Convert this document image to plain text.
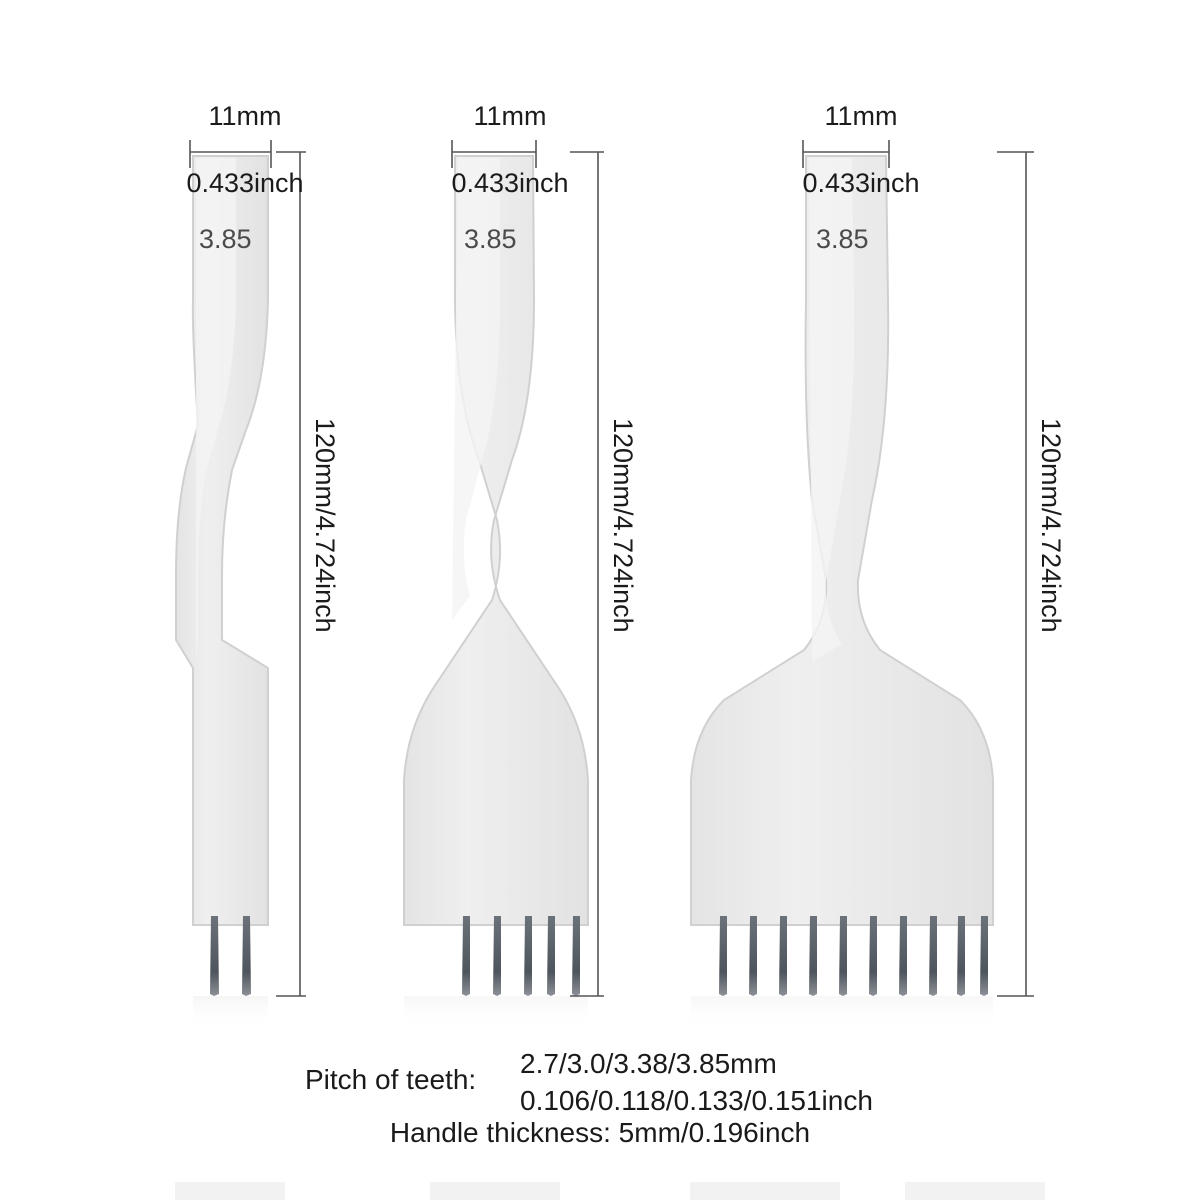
11mm

0.433inch

3.85
120mm/4.724inch

11mm

0.433inch

3.85
120mm/4.724inch

11mm

0.433inch

3.85
120mm/4.724inch
Pitch of teeth:
2.7/3.0/3.38/3.85mm
0.106/0.118/0.133/0.151inch
Handle thickness: 5mm/0.196inch
